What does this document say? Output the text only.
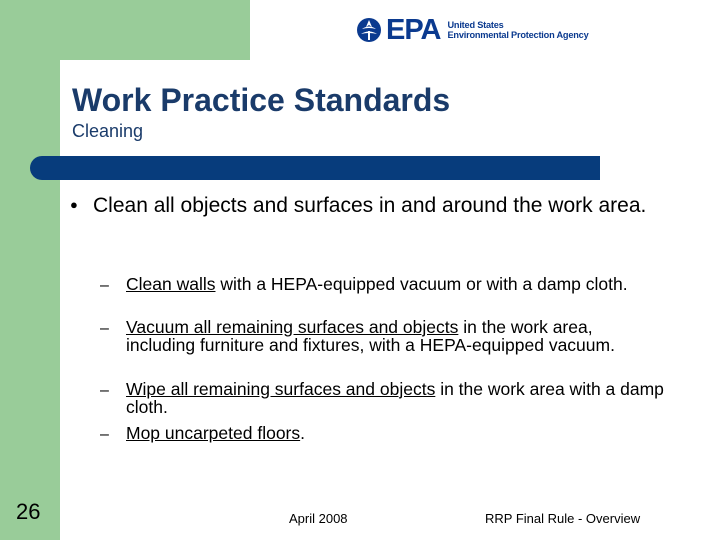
EPA United States
Environmental Protection Agency
Work Practice Standards
Cleaning
● Clean all objects and surfaces in and around the work area.
– Clean walls with a HEPA-equipped vacuum or with a damp cloth.
– Vacuum all remaining surfaces and objects in the work area, including furniture and fixtures, with a HEPA-equipped vacuum.
– Wipe all remaining surfaces and objects in the work area with a damp cloth.
– Mop uncarpeted floors.
26	April 2008	RRP Final Rule - Overview
